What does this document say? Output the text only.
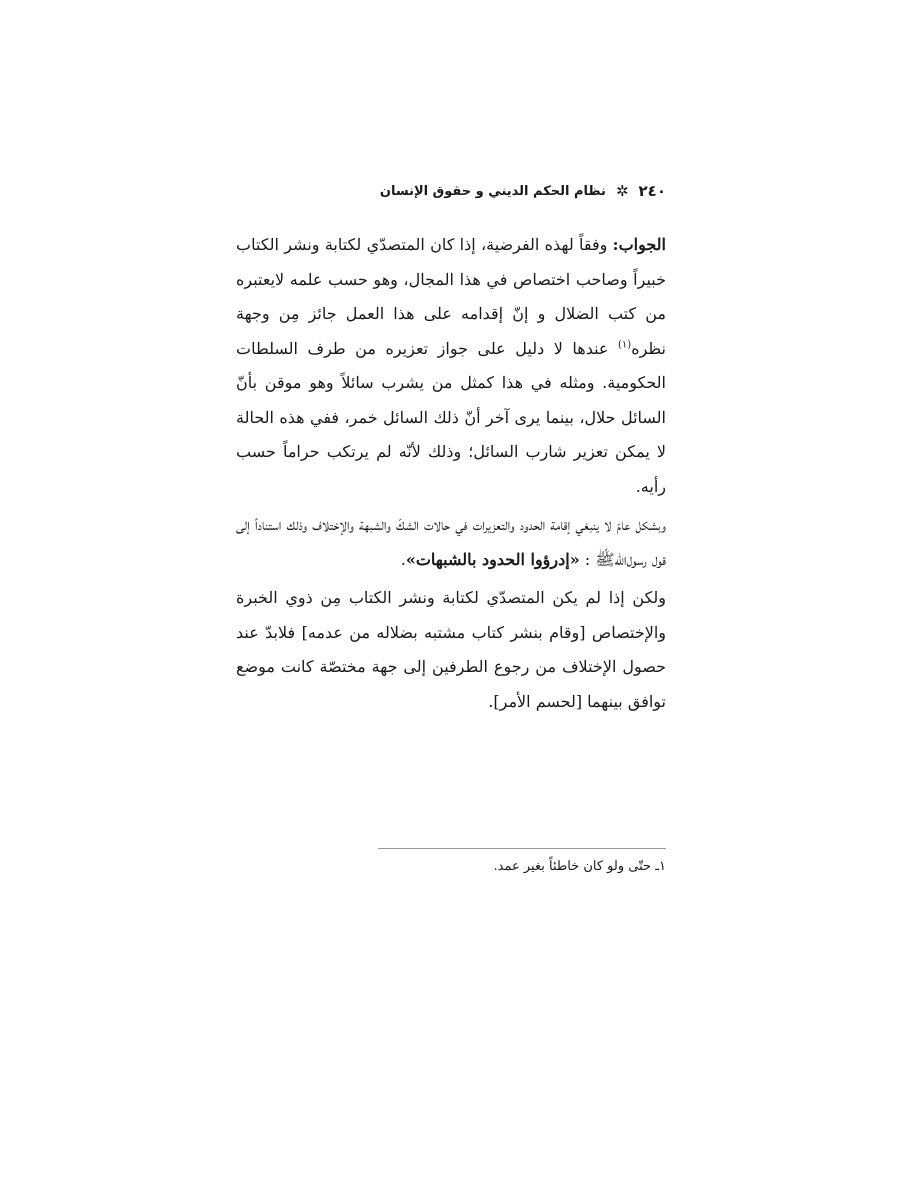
٢٤٠
✲
نظام الحكم الديني و حقوق الإنسان

الجواب: وفقاً لهذه الفرضية، إذا كان المتصدّي لكتابة ونشر الكتاب خبيراً وصاحب اختصاص في هذا المجال، وهو حسب علمه لايعتبره من كتب الضلال و إنّ إقدامه على هذا العمل جائز مِن وجهة نظره$^{(١)}$ عندها لا دليل على جواز تعزيره من طرف السلطات الحكومية. ومثله في هذا كمثل من يشرب سائلاً وهو موقن بأنّ السائل حلال، بينما يرى آخر أنّ ذلك السائل خمر، ففي هذه الحالة لا يمكن تعزير شارب السائل؛ وذلك لأنّه لم يرتكب حراماً حسب رأيه.

وبشكل عامّ لا ينبغي إقامة الحدود والتعزيرات في حالات الشكّ والشبهة والإختلاف وذلك استناداً إلى قول رسول‌اللّه‌ﷺ : «إدرؤوا الحدود بالشبهات».

ولكن إذا لم يكن المتصدّي لكتابة ونشر الكتاب مِن ذوي الخبرة والإختصاص [وقام بنشر كتاب مشتبه بضلاله من عدمه] فلابدّ عند حصول الإختلاف من رجوع الطرفين إلى جهة مختصّة كانت موضع توافق بينهما [لحسم الأمر].

١ـ حتّى ولو كان خاطئاً بغير عمد.
